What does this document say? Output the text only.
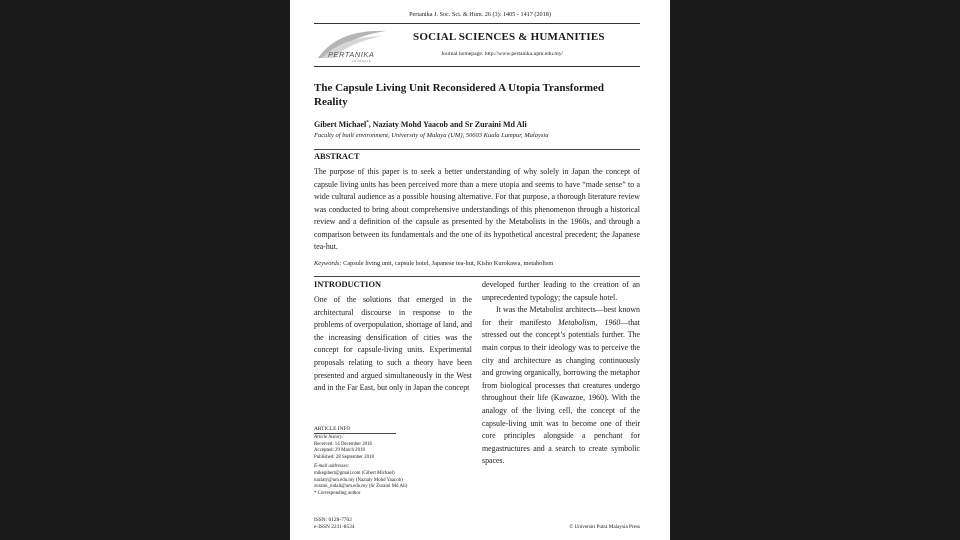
Pertanika J. Soc. Sci. & Hum. 26 (3): 1405 - 1417 (2018)
PERTANIKA
J O U R N A L S
SOCIAL SCIENCES & HUMANITIES
Journal homepage: http://www.pertanika.upm.edu.my/
The Capsule Living Unit Reconsidered A Utopia Transformed Reality
Gibert Michael*, Naziaty Mohd Yaacob and Sr Zuraini Md Ali
Faculty of built environment, University of Malaya (UM), 50603 Kuala Lumpur, Malaysia
ABSTRACT
The purpose of this paper is to seek a better understanding of why solely in Japan the concept of capsule living units has been perceived more than a mere utopia and seems to have “made sense” to a wide cultural audience as a possible housing alternative. For that purpose, a thorough literature review was conducted to bring about comprehensive understandings of this phenomenon through a historical review and a definition of the capsule as presented by the Metabolists in the 1960s, and through a comparison between its fundamentals and the one of its hypothetical ancestral precedent; the Japanese tea-hut.
Keywords: Capsule living unit, capsule hotel, Japanese tea-hut, Kisho Kurokawa, metabolism
INTRODUCTION
One of the solutions that emerged in the architectural discourse in response to the problems of overpopulation, shortage of land, and the increasing densification of cities was the concept for capsule-living units. Experimental proposals relating to such a theory have been presented and argued simultaneously in the West and in the Far East, but only in Japan the concept

developed further leading to the creation of an unprecedented typology; the capsule hotel.

It was the Metabolist architects—best known for their manifesto Metabolism, 1960—that stressed out the concept’s potentials further. The main corpus to their ideology was to perceive the city and architecture as changing continuously and growing organically, borrowing the metaphor from biological processes that creatures undergo throughout their life (Kawazoe, 1960). With the analogy of the living cell, the concept of the capsule-living unit was to become one of their core principles alongside a penchant for megastructures and a search to create symbolic spaces.

ARTICLE INFO
Article history:
Received: 14 December 2016
Accepted: 29 March 2018
Published: 28 September 2018
E-mail addresses:
mikegibert@gmail.com (Gibert Michael)
naziaty@um.edu.my (Naziaty Mohd Yaacob)
zuraini_mdali@um.edu.my (Sr Zuraini Md Ali)
* Corresponding author
ISSN: 0128-7702
e-ISSN 2231-8534	© Universiti Putra Malaysia Press
